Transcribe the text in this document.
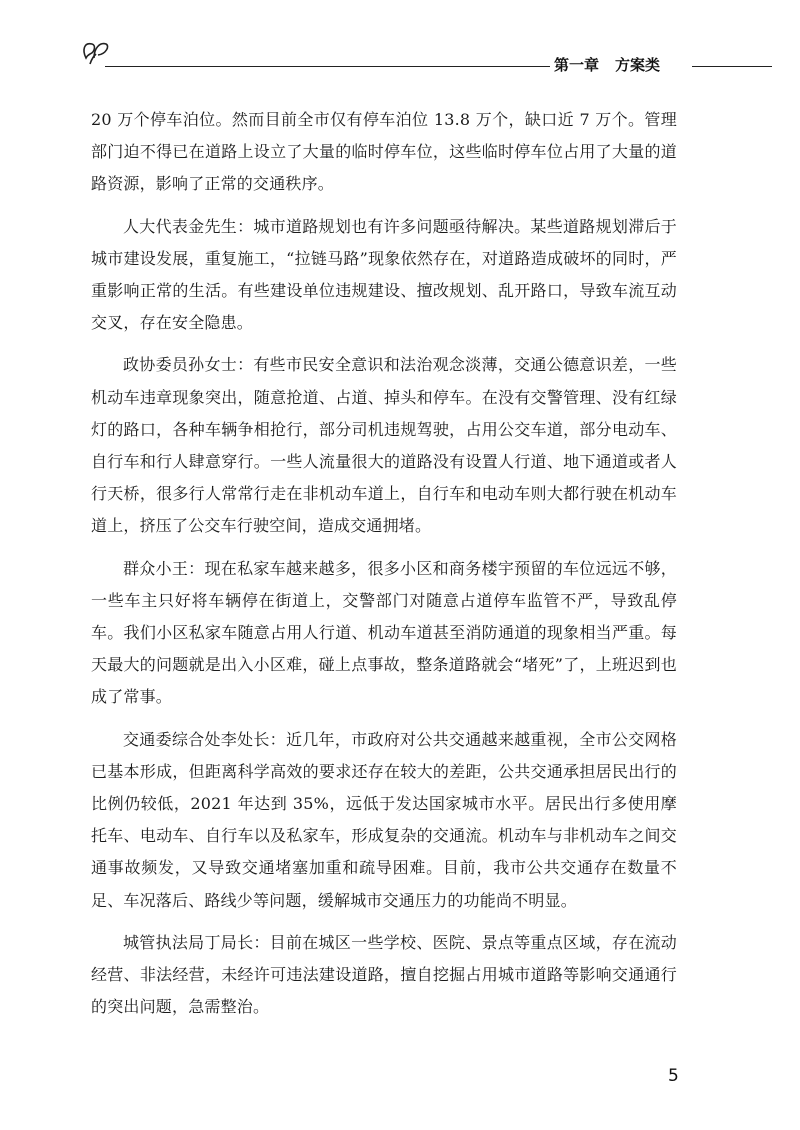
第一章 方案类

20 万个停车泊位。然而目前全市仅有停车泊位 13.8 万个，缺口近 7 万个。管理部门迫不得已在道路上设立了大量的临时停车位，这些临时停车位占用了大量的道路资源，影响了正常的交通秩序。

人大代表金先生：城市道路规划也有许多问题亟待解决。某些道路规划滞后于城市建设发展，重复施工，“拉链马路”现象依然存在，对道路造成破坏的同时，严重影响正常的生活。有些建设单位违规建设、擅改规划、乱开路口，导致车流互动交叉，存在安全隐患。

政协委员孙女士：有些市民安全意识和法治观念淡薄，交通公德意识差，一些机动车违章现象突出，随意抢道、占道、掉头和停车。在没有交警管理、没有红绿灯的路口，各种车辆争相抢行，部分司机违规驾驶，占用公交车道，部分电动车、自行车和行人肆意穿行。一些人流量很大的道路没有设置人行道、地下通道或者人行天桥，很多行人常常行走在非机动车道上，自行车和电动车则大都行驶在机动车道上，挤压了公交车行驶空间，造成交通拥堵。

群众小王：现在私家车越来越多，很多小区和商务楼宇预留的车位远远不够，一些车主只好将车辆停在街道上，交警部门对随意占道停车监管不严，导致乱停车。我们小区私家车随意占用人行道、机动车道甚至消防通道的现象相当严重。每天最大的问题就是出入小区难，碰上点事故，整条道路就会“堵死”了，上班迟到也成了常事。

交通委综合处李处长：近几年，市政府对公共交通越来越重视，全市公交网格已基本形成，但距离科学高效的要求还存在较大的差距，公共交通承担居民出行的比例仍较低，2021 年达到 35%，远低于发达国家城市水平。居民出行多使用摩托车、电动车、自行车以及私家车，形成复杂的交通流。机动车与非机动车之间交通事故频发，又导致交通堵塞加重和疏导困难。目前，我市公共交通存在数量不足、车况落后、路线少等问题，缓解城市交通压力的功能尚不明显。

城管执法局丁局长：目前在城区一些学校、医院、景点等重点区域，存在流动经营、非法经营，未经许可违法建设道路，擅自挖掘占用城市道路等影响交通通行的突出问题，急需整治。

5
